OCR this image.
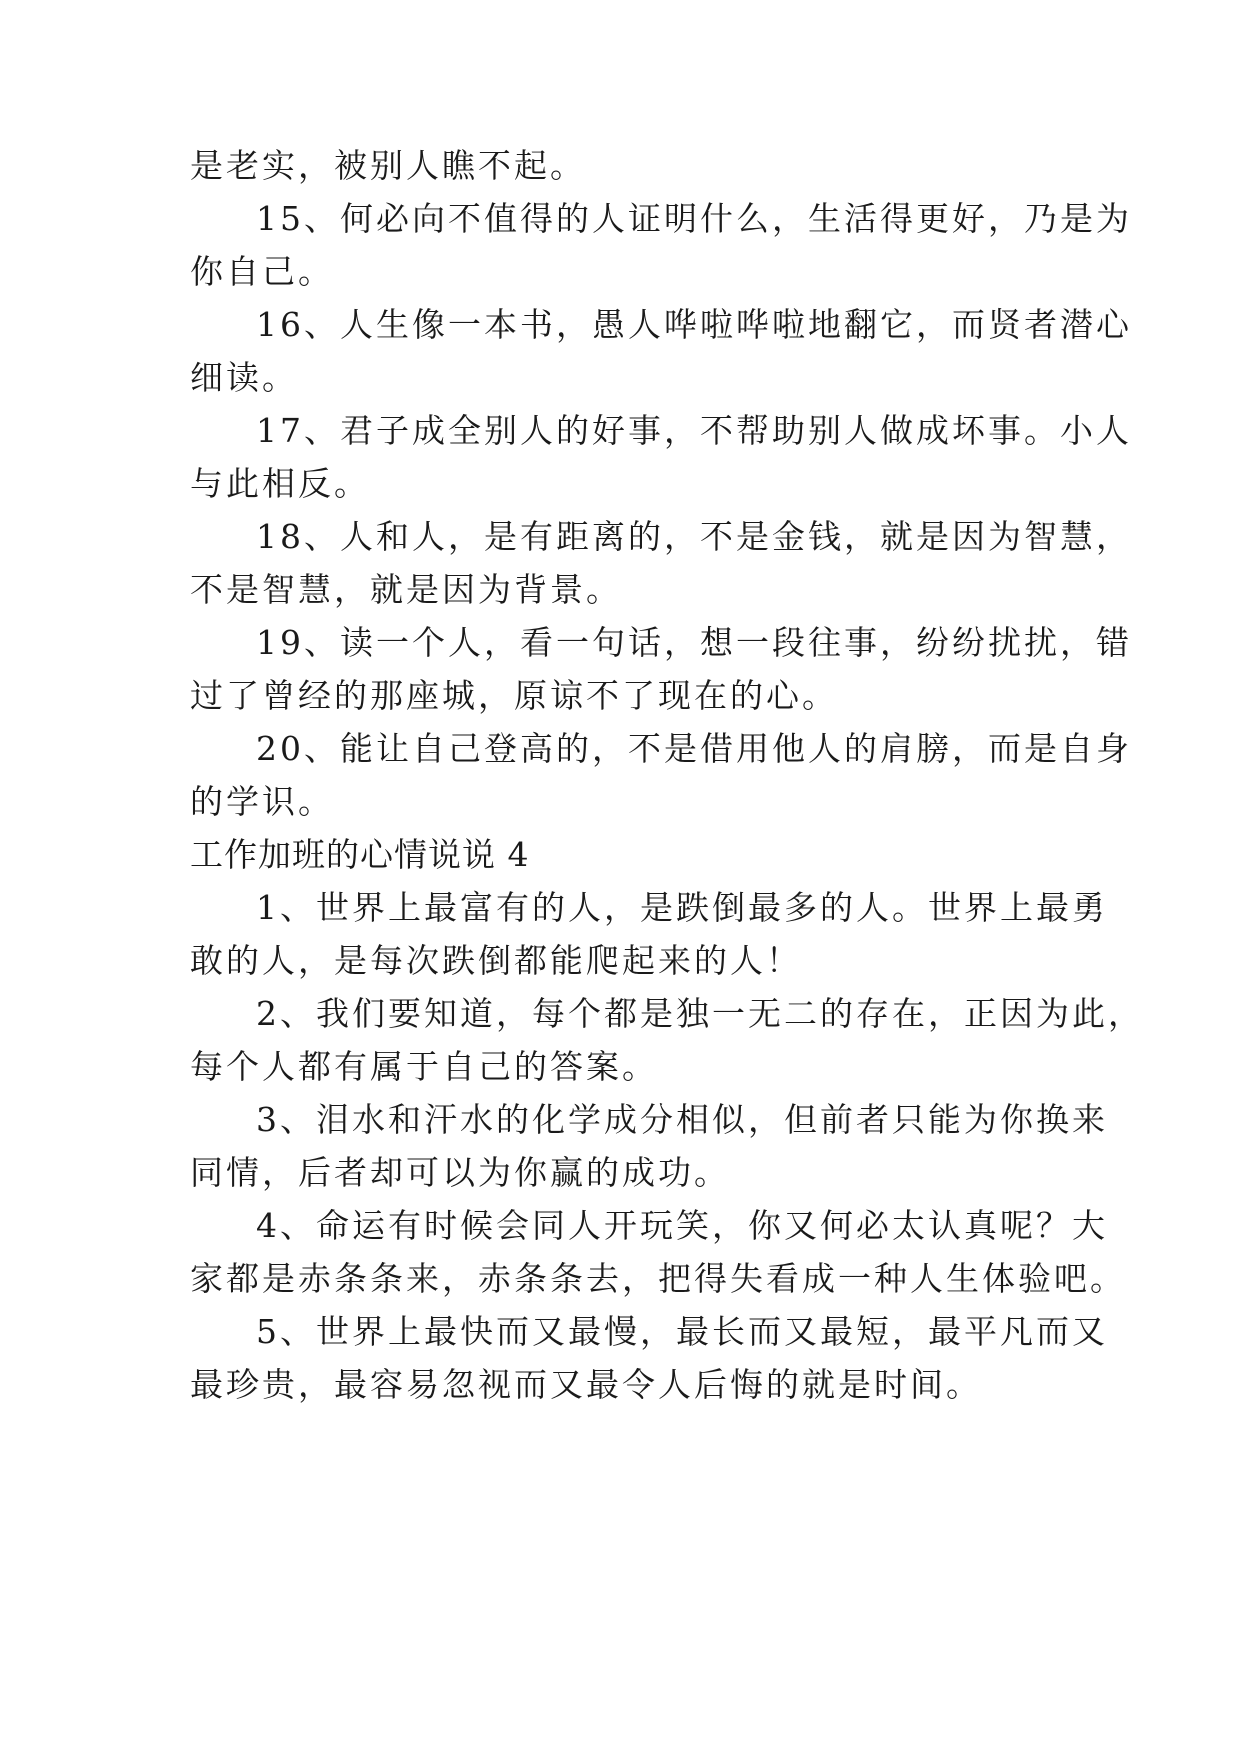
是老实，被别人瞧不起。

15、何必向不值得的人证明什么，生活得更好，乃是为

你自己。

16、人生像一本书，愚人哗啦哗啦地翻它，而贤者潜心

细读。

17、君子成全别人的好事，不帮助别人做成坏事。小人

与此相反。

18、人和人，是有距离的，不是金钱，就是因为智慧，

不是智慧，就是因为背景。

19、读一个人，看一句话，想一段往事，纷纷扰扰，错

过了曾经的那座城，原谅不了现在的心。

20、能让自己登高的，不是借用他人的肩膀，而是自身

的学识。

工作加班的心情说说 4

1、世界上最富有的人，是跌倒最多的人。世界上最勇

敢的人，是每次跌倒都能爬起来的人！

2、我们要知道，每个都是独一无二的存在，正因为此，

每个人都有属于自己的答案。

3、泪水和汗水的化学成分相似，但前者只能为你换来

同情，后者却可以为你赢的成功。

4、命运有时候会同人开玩笑，你又何必太认真呢？大

家都是赤条条来，赤条条去，把得失看成一种人生体验吧。

5、世界上最快而又最慢，最长而又最短，最平凡而又

最珍贵，最容易忽视而又最令人后悔的就是时间。
